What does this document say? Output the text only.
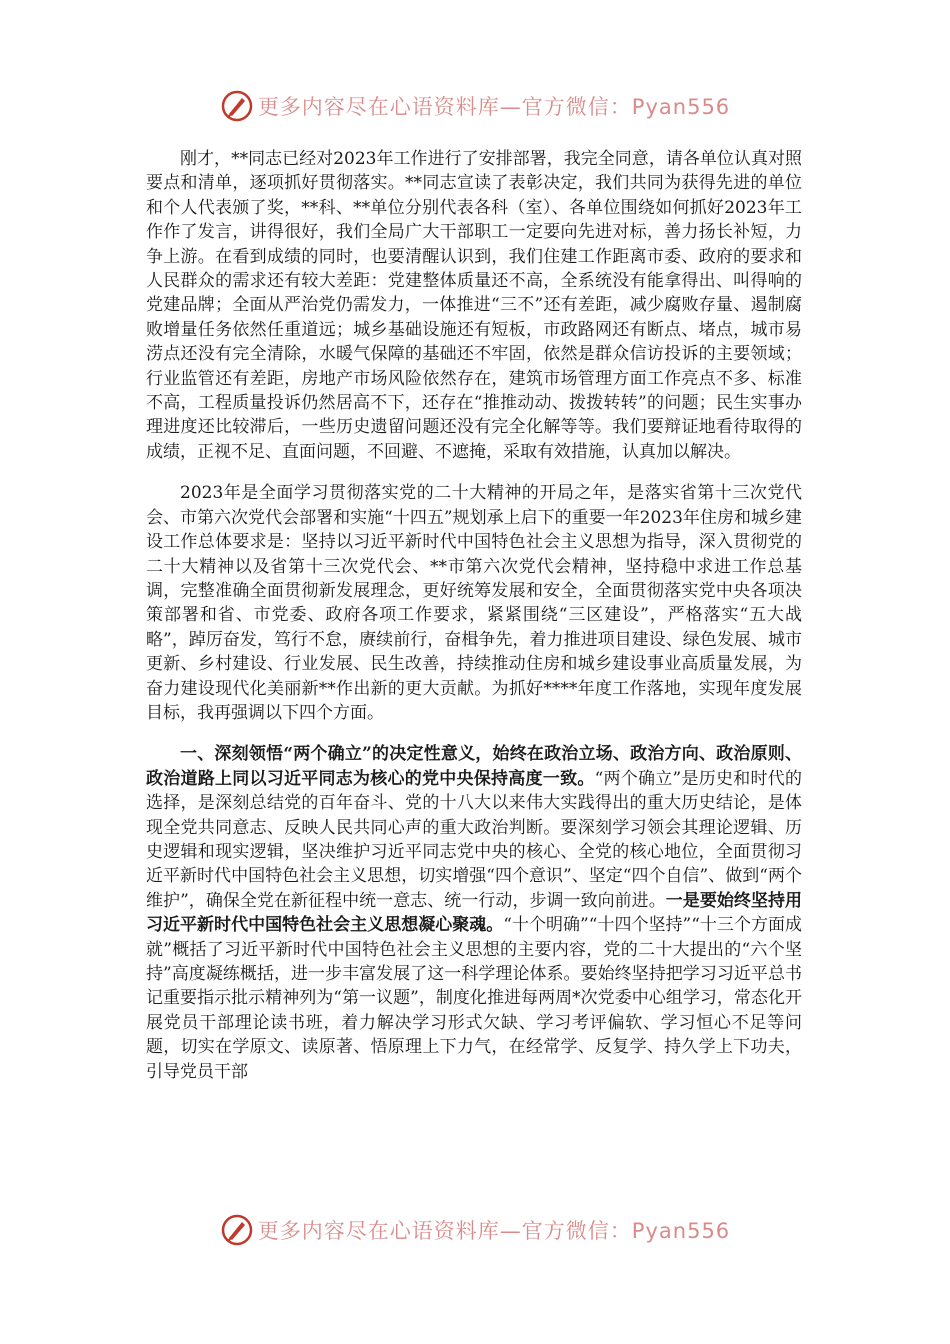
更多内容尽在心语资料库—官方微信：Pyan556

刚才，**同志已经对2023年工作进行了安排部署，我完全同意，请各单位认真对照要点和清单，逐项抓好贯彻落实。**同志宣读了表彰决定，我们共同为获得先进的单位和个人代表颁了奖，**科、**单位分别代表各科（室）、各单位围绕如何抓好2023年工作作了发言，讲得很好，我们全局广大干部职工一定要向先进对标，善力扬长补短，力争上游。在看到成绩的同时，也要清醒认识到，我们住建工作距离市委、政府的要求和人民群众的需求还有较大差距：党建整体质量还不高，全系统没有能拿得出、叫得响的党建品牌；全面从严治党仍需发力，一体推进“三不”还有差距，减少腐败存量、遏制腐败增量任务依然任重道远；城乡基础设施还有短板，市政路网还有断点、堵点，城市易涝点还没有完全清除，水暖气保障的基础还不牢固，依然是群众信访投诉的主要领域；行业监管还有差距，房地产市场风险依然存在，建筑市场管理方面工作亮点不多、标准不高，工程质量投诉仍然居高不下，还存在“推推动动、拨拨转转”的问题；民生实事办理进度还比较滞后，一些历史遗留问题还没有完全化解等等。我们要辩证地看待取得的成绩，正视不足、直面问题，不回避、不遮掩，采取有效措施，认真加以解决。

2023年是全面学习贯彻落实党的二十大精神的开局之年，是落实省第十三次党代会、市第六次党代会部署和实施“十四五”规划承上启下的重要一年2023年住房和城乡建设工作总体要求是：坚持以习近平新时代中国特色社会主义思想为指导，深入贯彻党的二十大精神以及省第十三次党代会、**市第六次党代会精神，坚持稳中求进工作总基调，完整准确全面贯彻新发展理念，更好统筹发展和安全，全面贯彻落实党中央各项决策部署和省、市党委、政府各项工作要求，紧紧围绕“三区建设”，严格落实“五大战略”，踔厉奋发，笃行不怠，赓续前行，奋楫争先，着力推进项目建设、绿色发展、城市更新、乡村建设、行业发展、民生改善，持续推动住房和城乡建设事业高质量发展，为奋力建设现代化美丽新**作出新的更大贡献。为抓好****年度工作落地，实现年度发展目标，我再强调以下四个方面。

一、深刻领悟“两个确立”的决定性意义，始终在政治立场、政治方向、政治原则、政治道路上同以习近平同志为核心的党中央保持高度一致。“两个确立”是历史和时代的选择，是深刻总结党的百年奋斗、党的十八大以来伟大实践得出的重大历史结论，是体现全党共同意志、反映人民共同心声的重大政治判断。要深刻学习领会其理论逻辑、历史逻辑和现实逻辑，坚决维护习近平同志党中央的核心、全党的核心地位，全面贯彻习近平新时代中国特色社会主义思想，切实增强“四个意识”、坚定“四个自信”、做到“两个维护”，确保全党在新征程中统一意志、统一行动，步调一致向前进。一是要始终坚持用习近平新时代中国特色社会主义思想凝心聚魂。“十个明确”“十四个坚持”“十三个方面成就”概括了习近平新时代中国特色社会主义思想的主要内容，党的二十大提出的“六个坚持”高度凝练概括，进一步丰富发展了这一科学理论体系。要始终坚持把学习习近平总书记重要指示批示精神列为“第一议题”，制度化推进每两周*次党委中心组学习，常态化开展党员干部理论读书班，着力解决学习形式欠缺、学习考评偏软、学习恒心不足等问题，切实在学原文、读原著、悟原理上下力气，在经常学、反复学、持久学上下功夫，引导党员干部

更多内容尽在心语资料库—官方微信：Pyan556
